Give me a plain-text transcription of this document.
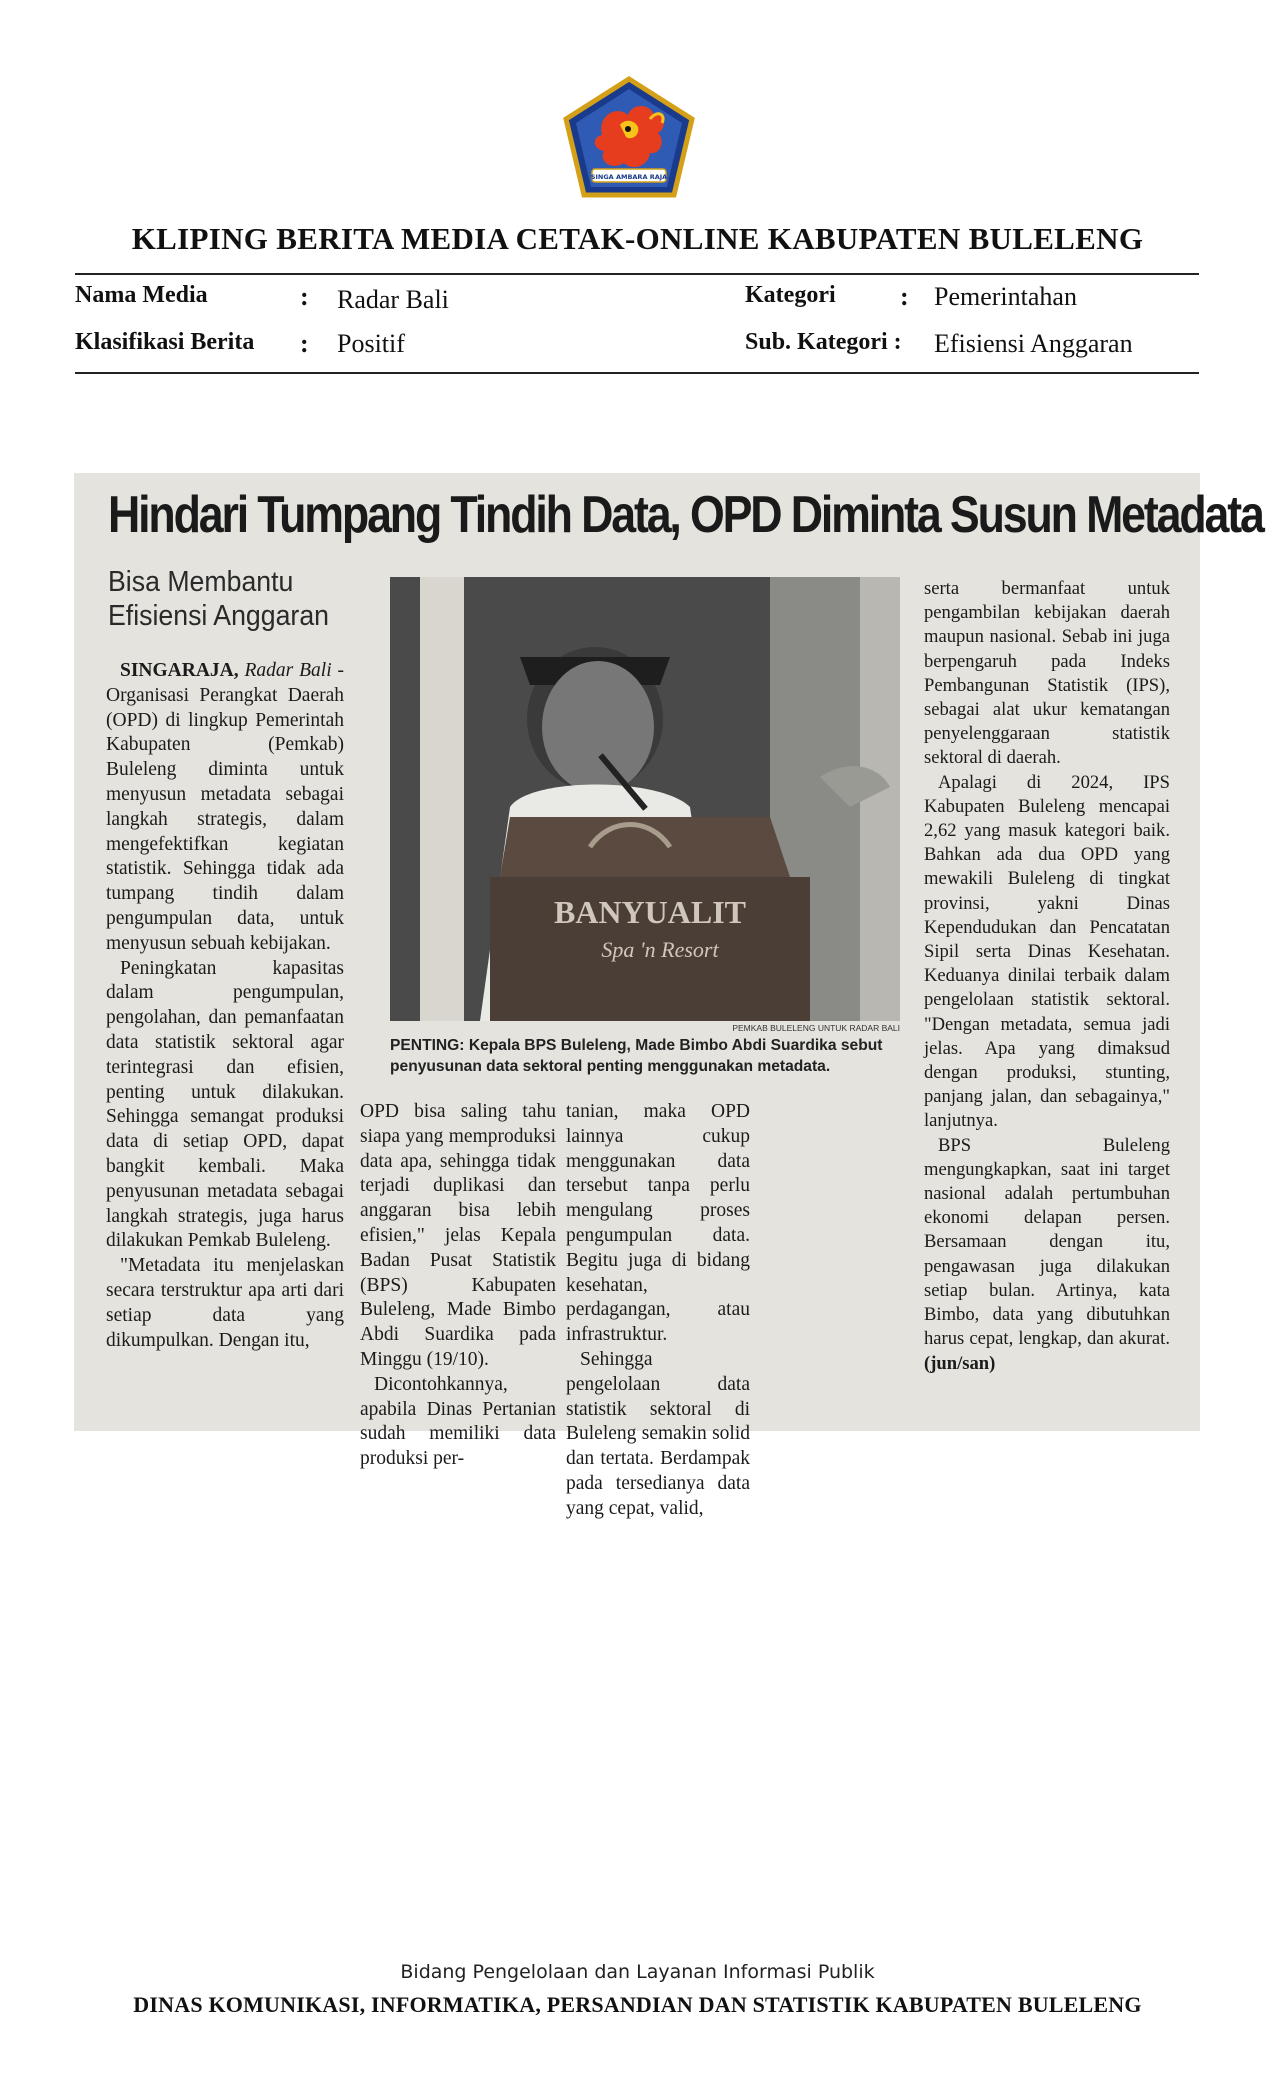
SINGA AMBARA RAJA
KLIPING BERITA MEDIA CETAK-ONLINE KABUPATEN BULELENG
Nama Media	: Radar Bali	Kategori : Pemerintahan
Klasifikasi Berita : Positif	Sub. Kategori : Efisiensi Anggaran
Hindari Tumpang Tindih Data, OPD Diminta Susun Metadata
Bisa Membantu
Efisiensi Anggaran

SINGARAJA, Radar Bali - Organisasi Perangkat Daerah (OPD) di lingkup Pemerintah Kabupaten (Pemkab) Buleleng diminta untuk menyusun metadata sebagai langkah strategis, dalam mengefektifkan kegiatan statistik. Sehingga tidak ada tumpang tindih dalam pengumpulan data, untuk menyusun sebuah kebijakan.

Peningkatan kapasitas dalam pengumpulan, pengolahan, dan pemanfaatan data statistik sektoral agar terintegrasi dan efisien, penting untuk dilakukan. Sehingga semangat produksi data di setiap OPD, dapat bangkit kembali. Maka penyusunan metadata sebagai langkah strategis, juga harus dilakukan Pemkab Buleleng.

"Metadata itu menjelaskan secara terstruktur apa arti dari setiap data yang dikumpulkan. Dengan itu,

BANYUALIT
Spa 'n Resort
PEMKAB BULELENG UNTUK RADAR BALI
PENTING: Kepala BPS Buleleng, Made Bimbo Abdi Suardika sebut penyusunan data sektoral penting menggunakan metadata.

OPD bisa saling tahu siapa yang memproduksi data apa, sehingga tidak terjadi duplikasi dan anggaran bisa lebih efisien," jelas Kepala Badan Pusat Statistik (BPS) Kabupaten Buleleng, Made Bimbo Abdi Suardika pada Minggu (19/10).

Dicontohkannya, apabila Dinas Pertanian sudah memiliki data produksi per-

tanian, maka OPD lainnya cukup menggunakan data tersebut tanpa perlu mengulang proses pengumpulan data. Begitu juga di bidang kesehatan, perdagangan, atau infrastruktur.

Sehingga pengelolaan data statistik sektoral di Buleleng semakin solid dan tertata. Berdampak pada tersedianya data yang cepat, valid,

serta bermanfaat untuk pengambilan kebijakan daerah maupun nasional. Sebab ini juga berpengaruh pada Indeks Pembangunan Statistik (IPS), sebagai alat ukur kematangan penyelenggaraan statistik sektoral di daerah.

Apalagi di 2024, IPS Kabupaten Buleleng mencapai 2,62 yang masuk kategori baik. Bahkan ada dua OPD yang mewakili Buleleng di tingkat provinsi, yakni Dinas Kependudukan dan Pencatatan Sipil serta Dinas Kesehatan. Keduanya dinilai terbaik dalam pengelolaan statistik sektoral. "Dengan metadata, semua jadi jelas. Apa yang dimaksud dengan produksi, stunting, panjang jalan, dan sebagainya," lanjutnya.

BPS Buleleng mengungkapkan, saat ini target nasional adalah pertumbuhan ekonomi delapan persen. Bersamaan dengan itu, pengawasan juga dilakukan setiap bulan. Artinya, kata Bimbo, data yang dibutuhkan harus cepat, lengkap, dan akurat. (jun/san)

Bidang Pengelolaan dan Layanan Informasi Publik
DINAS KOMUNIKASI, INFORMATIKA, PERSANDIAN DAN STATISTIK KABUPATEN BULELENG
